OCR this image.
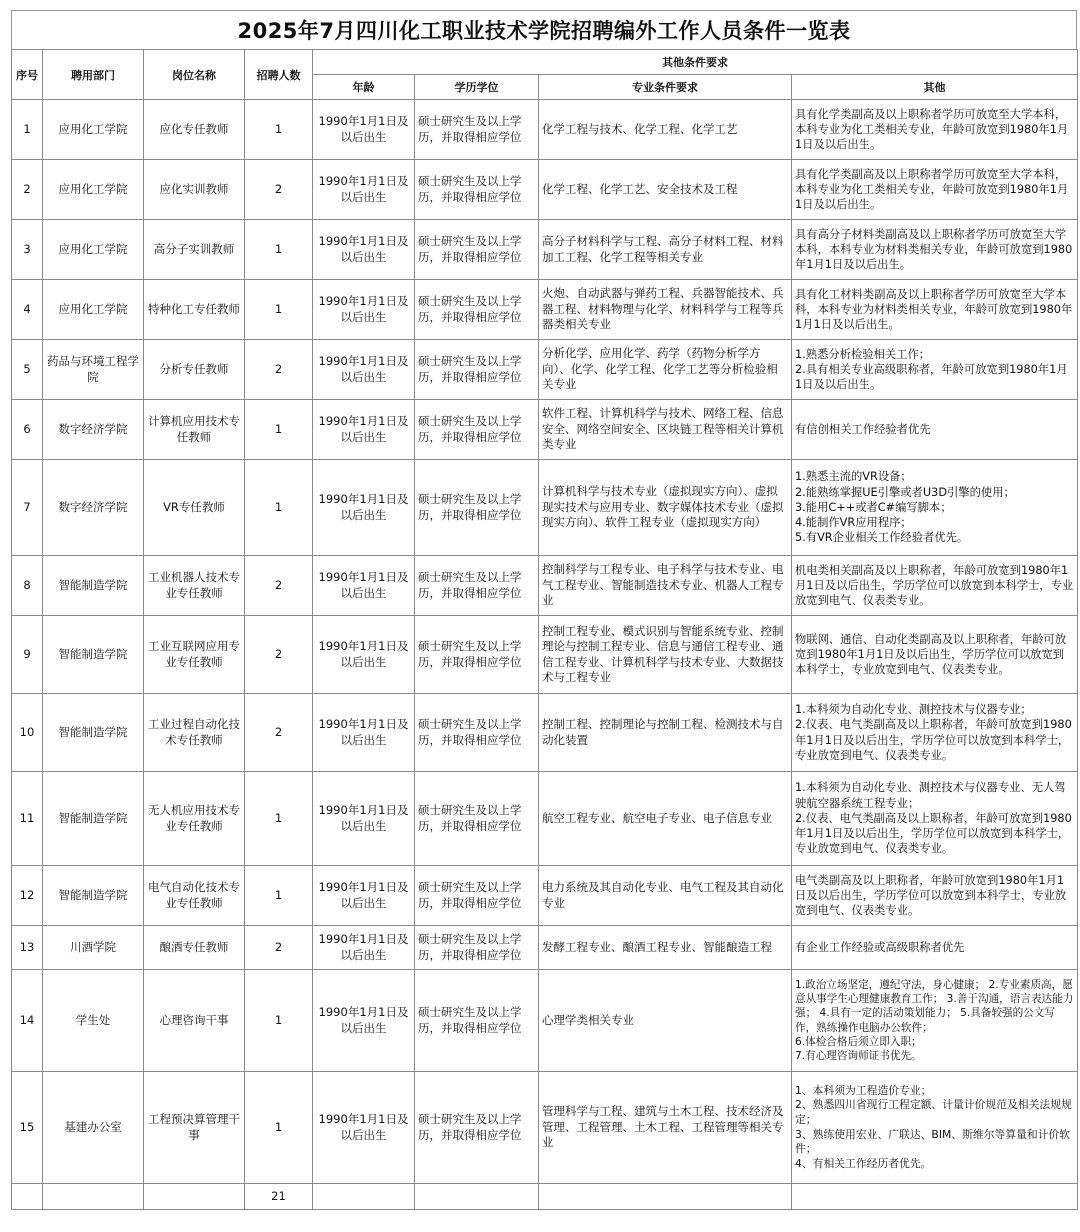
2025年7月四川化工职业技术学院招聘编外工作人员条件一览表
序号	聘用部门	岗位名称	招聘人数	其他条件要求			
				年龄	学历学位	专业条件要求	其他
1	应用化工学院	应化专任教师	1	1990年1月1日及以后出生	硕士研究生及以上学历，并取得相应学位	化学工程与技术、化学工程、化学工艺	具有化学类副高及以上职称者学历可放宽至大学本科，本科专业为化工类相关专业，年龄可放宽到1980年1月1日及以后出生。
2	应用化工学院	应化实训教师	2	1990年1月1日及以后出生	硕士研究生及以上学历，并取得相应学位	化学工程、化学工艺、安全技术及工程	具有化学类副高及以上职称者学历可放宽至大学本科，本科专业为化工类相关专业，年龄可放宽到1980年1月1日及以后出生。
3	应用化工学院	高分子实训教师	1	1990年1月1日及以后出生	硕士研究生及以上学历，并取得相应学位	高分子材料科学与工程、高分子材料工程、材料加工工程、化学工程等相关专业	具有高分子材料类副高及以上职称者学历可放宽至大学本科，本科专业为材料类相关专业，年龄可放宽到1980年1月1日及以后出生。
4	应用化工学院	特种化工专任教师	1	1990年1月1日及以后出生	硕士研究生及以上学历，并取得相应学位	火炮、自动武器与弹药工程、兵器智能技术、兵器工程、材料物理与化学、材料科学与工程等兵器类相关专业	具有化工材料类副高及以上职称者学历可放宽至大学本科，本科专业为材料类相关专业，年龄可放宽到1980年1月1日及以后出生。
5	药品与环境工程学院	分析专任教师	2	1990年1月1日及以后出生	硕士研究生及以上学历，并取得相应学位	分析化学、应用化学、药学（药物分析学方向）、化学、化学工程、化学工艺等分析检验相关专业	1.熟悉分析检验相关工作；
2.具有相关专业高级职称者，年龄可放宽到1980年1月1日及以后出生。
6	数字经济学院	计算机应用技术专任教师	1	1990年1月1日及以后出生	硕士研究生及以上学历，并取得相应学位	软件工程、计算机科学与技术、网络工程、信息安全、网络空间安全、区块链工程等相关计算机类专业	有信创相关工作经验者优先
7	数字经济学院	VR专任教师	1	1990年1月1日及以后出生	硕士研究生及以上学历，并取得相应学位	计算机科学与技术专业（虚拟现实方向）、虚拟现实技术与应用专业、数字媒体技术专业（虚拟现实方向）、软件工程专业（虚拟现实方向）	1.熟悉主流的VR设备；
2.能熟练掌握UE引擎或者U3D引擎的使用；
3.能用C++或者C#编写脚本；
4.能制作VR应用程序；
5.有VR企业相关工作经验者优先。
8	智能制造学院	工业机器人技术专业专任教师	2	1990年1月1日及以后出生	硕士研究生及以上学历，并取得相应学位	控制科学与工程专业、电子科学与技术专业、电气工程专业、智能制造技术专业、机器人工程专业	机电类相关副高及以上职称者，年龄可放宽到1980年1月1日及以后出生，学历学位可以放宽到本科学士，专业放宽到电气、仪表类专业。
9	智能制造学院	工业互联网应用专业专任教师	2	1990年1月1日及以后出生	硕士研究生及以上学历，并取得相应学位	控制工程专业、模式识别与智能系统专业、控制理论与控制工程专业、信息与通信工程专业、通信工程专业、计算机科学与技术专业、大数据技术与工程专业	物联网、通信、自动化类副高及以上职称者，年龄可放宽到1980年1月1日及以后出生，学历学位可以放宽到本科学士，专业放宽到电气、仪表类专业。
10	智能制造学院	工业过程自动化技术专任教师	2	1990年1月1日及以后出生	硕士研究生及以上学历，并取得相应学位	控制工程、控制理论与控制工程、检测技术与自动化装置	1.本科须为自动化专业、测控技术与仪器专业；
2.仪表、电气类副高及以上职称者，年龄可放宽到1980年1月1日及以后出生，学历学位可以放宽到本科学士，专业放宽到电气、仪表类专业。
11	智能制造学院	无人机应用技术专业专任教师	1	1990年1月1日及以后出生	硕士研究生及以上学历，并取得相应学位	航空工程专业、航空电子专业、电子信息专业	1.本科须为自动化专业、测控技术与仪器专业、无人驾驶航空器系统工程专业；
2.仪表、电气类副高及以上职称者，年龄可放宽到1980年1月1日及以后出生，学历学位可以放宽到本科学士，专业放宽到电气、仪表类专业。
12	智能制造学院	电气自动化技术专业专任教师	1	1990年1月1日及以后出生	硕士研究生及以上学历，并取得相应学位	电力系统及其自动化专业、电气工程及其自动化专业	电气类副高及以上职称者，年龄可放宽到1980年1月1日及以后出生，学历学位可以放宽到本科学士，专业放宽到电气、仪表类专业。
13	川酒学院	酿酒专任教师	2	1990年1月1日及以后出生	硕士研究生及以上学历，并取得相应学位	发酵工程专业、酿酒工程专业、智能酿造工程	有企业工作经验或高级职称者优先
14	学生处	心理咨询干事	1	1990年1月1日及以后出生	硕士研究生及以上学历，并取得相应学位	心理学类相关专业	1.政治立场坚定，遵纪守法，身心健康； 2.专业素质高，愿意从事学生心理健康教育工作； 3.善于沟通，语言表达能力强； 4.具有一定的活动策划能力； 5.具备较强的公文写作，熟练操作电脑办公软件；
6.体检合格后须立即入职；
7.有心理咨询师证书优先。
15	基建办公室	工程预决算管理干事	1	1990年1月1日及以后出生	硕士研究生及以上学历，并取得相应学位	管理科学与工程、建筑与土木工程、技术经济及管理、工程管理、土木工程、工程管理等相关专业	1、本科须为工程造价专业；
2、熟悉四川省现行工程定额、计量计价规范及相关法规规定；
3、熟练使用宏业、广联达、BIM、斯维尔等算量和计价软件；
4、有相关工作经历者优先。
			21				
